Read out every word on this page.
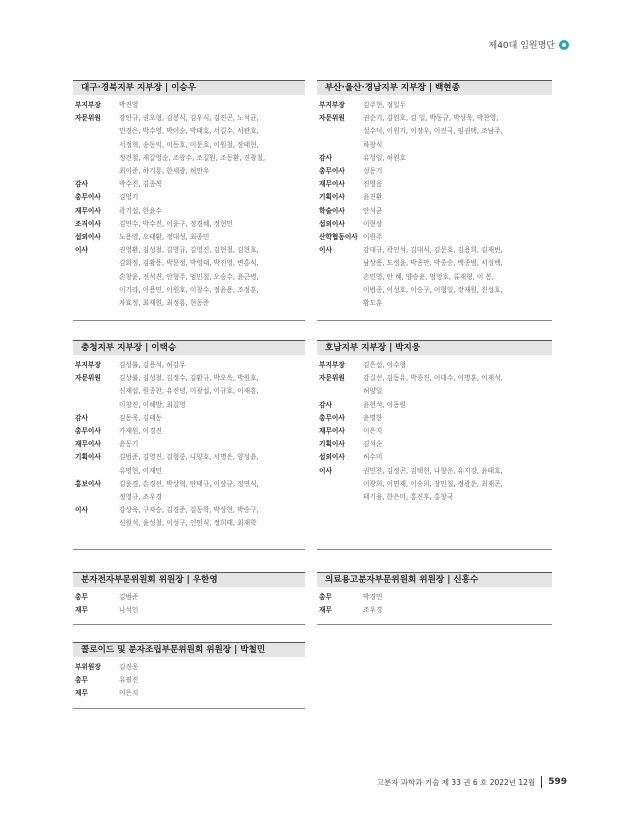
제40대 임원명단
대구·경북지부 지부장 | 이승우
부지부장	박진영
자문위원	강인규, 권오형, 김봉식, 김우식, 김진곤, 노석균,
민경은, 박수영, 박이순, 박태호, 서길수, 서관호,
서정혁, 송동익, 이동호, 이문호, 이원철, 장태현,
정건철, 제갈영순, 조광수, 조길원, 조동환, 진광철,
최이준, 하기룡, 한세광, 허만우
감사	박수진, 김종복
총무이사	김영기
재무이사	곽기섭, 한윤수
조직이사	김연수, 박수진, 이윤구, 정경혜, 정현민
섭외이사	노용영, 오태환, 정대성, 최종민
이사	권영환, 김성철, 김영규, 김영진, 김현철, 김현호,
김화정, 김활용, 박문정, 박영태, 박진영, 변홍식,
손창윤, 전석진, 안형주, 엄민철, 오승수, 윤근병,
이기라, 이용민, 이원호, 이창수, 정윤용, 조정훈,
차효정, 최재원, 최정룡, 현동준
부산·울산·경남지부 지부장 | 백현종
부지부장	김주현, 정일두
자문위원	권순기, 김원호, 김 일, 박동규, 박상욱, 박찬영,
설수덕, 이원기, 이장우, 이진국, 임권택, 조남주,
하창식
감사	유성일, 허원호
총무이사	성동기
재무이사	진영음
기획이사	윤진환
학술이사	안석균
섭외이사	이현상
산학협동이사 이원주
이사	강대규, 곽인석, 김대식, 김문호, 김용희, 김재빈,
남상용, 도정윤, 박종만, 박종승, 백종범, 서성백,
손민영, 안 혜, 양승윤, 엄영호, 류재형, 이 봉,
이범종, 이성호, 이승구, 이형일, 장재원, 진성호,
황도훈
충청지부 지부장 | 이택승
부지부장	김성률, 김용석, 허강무
자문위원	김상률, 김성철, 김정수, 김환규, 박오옥, 박원호,
신재섭, 원종찬, 유진녕, 이광섭, 이규호, 이재흥,
이창진, 이해방, 최길영
감사	김동욱, 김태동
총무이사	가재원, 이경진
재무이사	윤동기
기획이사	김범준, 김영진, 김형중, 나양호, 서명은, 양성윤,
유명현, 이재민
홍보이사	김윤경, 손경선, 박상혁, 안태규, 이상규, 정연식,
정영규, 조우경
이사	강상욱, 구자승, 김경준, 김동학, 박상현, 박승구,
신원석, 윤성철, 이성구, 인민식, 정희태, 최재학
호남지부 지부장 | 박지웅
부지부장	김은섭, 이수형
자문위원	강길선, 김동유, 박종진, 이대수, 이명훈, 이재석,
허양일
감사	윤현석, 이동원
총무이사	윤명한
재무이사	이은지
기획이사	김석순
섭외이사	허수미
이사	권민찬, 김정곤, 김택현, 나창운, 유지강, 윤태호,
이광희, 이민재, 이승희, 장민철, 정광운, 최재곤,
태기융, 한은미, 홍진후, 홍창국
분자전자부문위원회 위원장 | 우한영
총무	김범준
재무	나석인
의료용고분자부문위원회 위원장 | 신흥수
총무	박경민
재무	조우경
콜로이드 및 분자조립부문위원회 위원장 | 박철민
부위원장	김진웅
총무	유필진
재무	이은지
고분자 과학과 기술 제 33 권 6 호 2022년 12월 599
